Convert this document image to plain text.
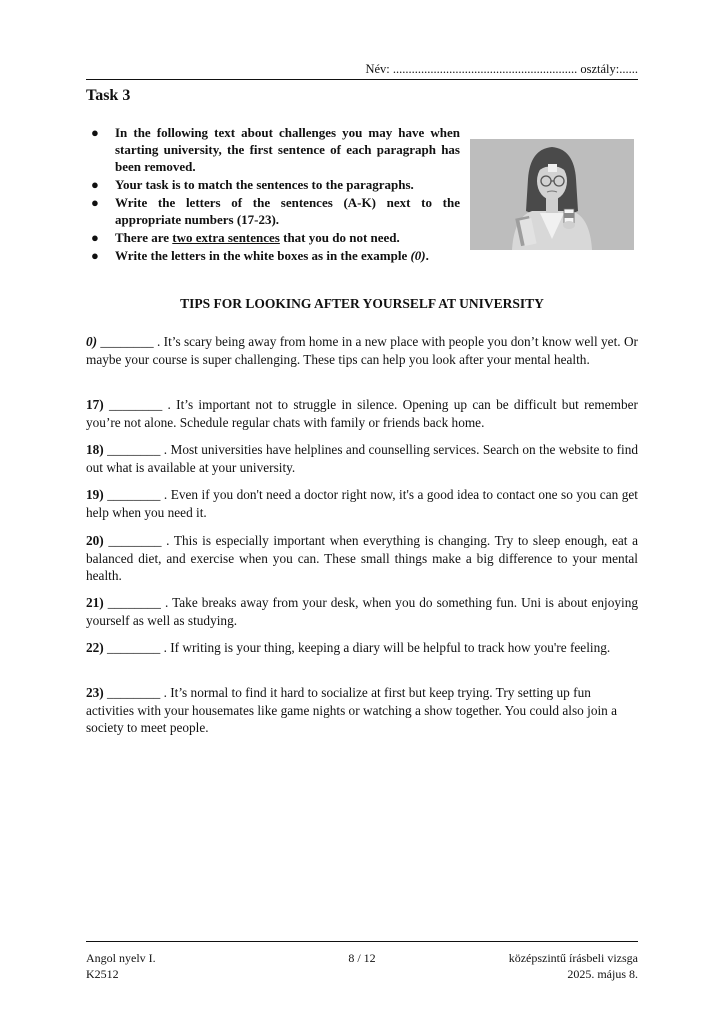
Név: ........................................................... osztály:......
Task 3
● In the following text about challenges you may have when starting university, the first sentence of each paragraph has been removed.
● Your task is to match the sentences to the paragraphs.
● Write the letters of the sentences (A-K) next to the appropriate numbers (17-23).
● There are two extra sentences that you do not need.
● Write the letters in the white boxes as in the example (0).
TIPS FOR LOOKING AFTER YOURSELF AT UNIVERSITY

0) ________ . It’s scary being away from home in a new place with people you don’t know well yet. Or maybe your course is super challenging. These tips can help you look after your mental health.

17) ________ . It’s important not to struggle in silence. Opening up can be difficult but remember you’re not alone. Schedule regular chats with family or friends back home.

18) ________ . Most universities have helplines and counselling services. Search on the website to find out what is available at your university.

19) ________ . Even if you don't need a doctor right now, it's a good idea to contact one so you can get help when you need it.

20) ________ . This is especially important when everything is changing. Try to sleep enough, eat a balanced diet, and exercise when you can. These small things make a big difference to your mental health.

21) ________ . Take breaks away from your desk, when you do something fun. Uni is about enjoying yourself as well as studying.

22) ________ . If writing is your thing, keeping a diary will be helpful to track how you're feeling.

23) ________ . It’s normal to find it hard to socialize at first but keep trying. Try setting up fun activities with your housemates like game nights or watching a show together. You could also join a society to meet people.

Angol nyelv I.
K2512
8 / 12	középszintű írásbeli vizsga
2025. május 8.
